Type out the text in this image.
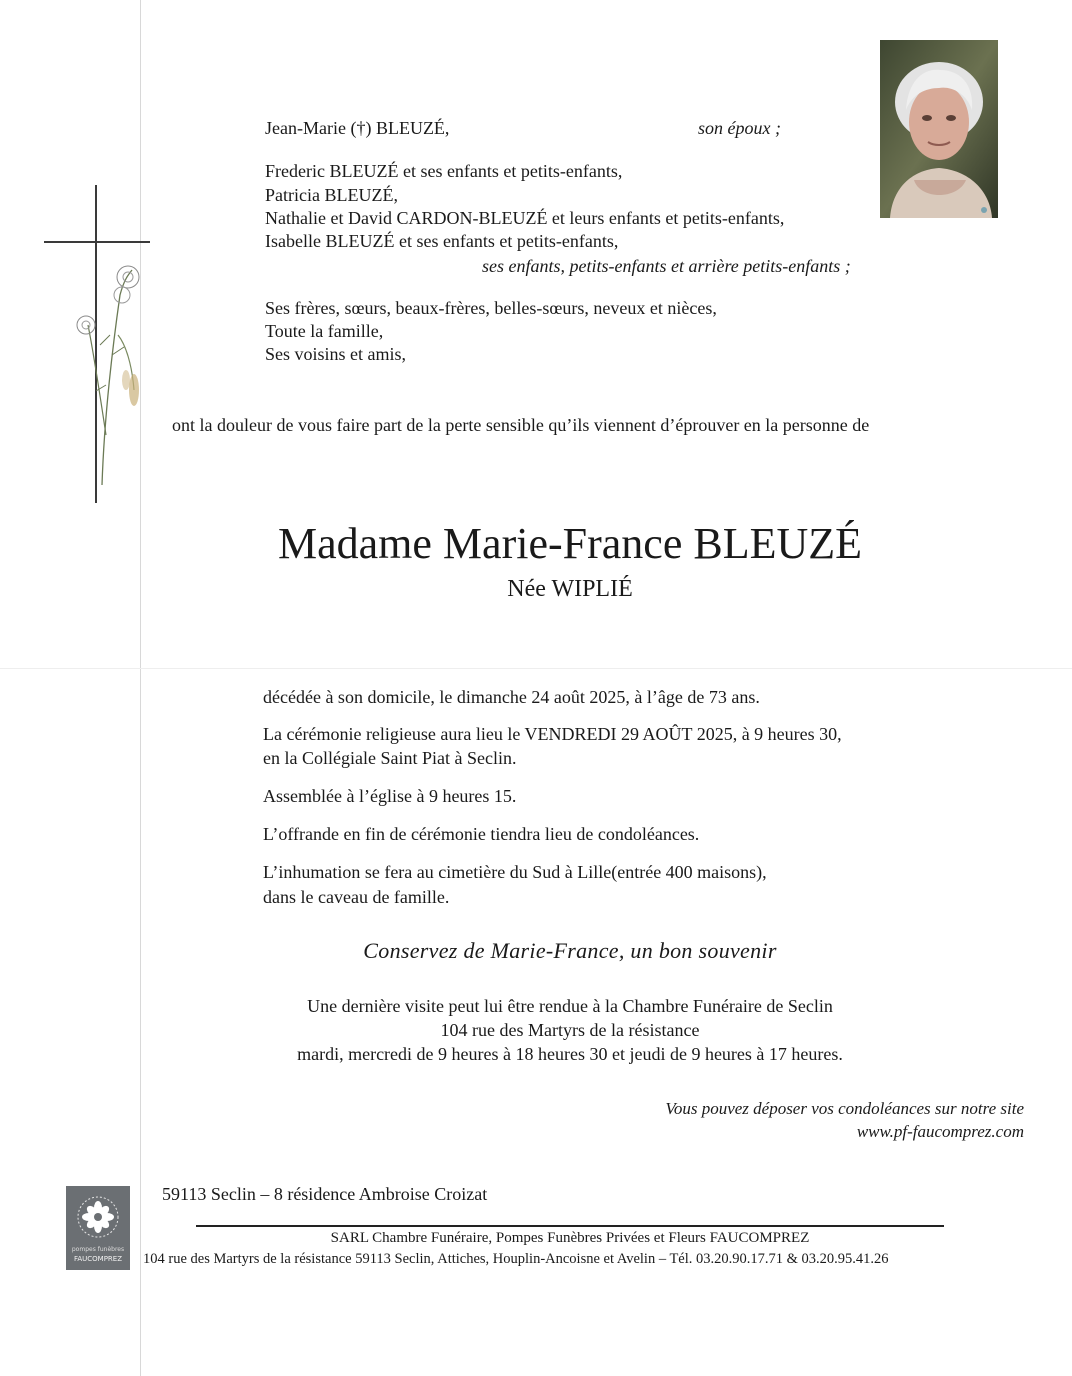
Jean-Marie (†) BLEUZÉ,	son époux ;
Frederic BLEUZÉ et ses enfants et petits-enfants,
Patricia BLEUZÉ,
Nathalie et David CARDON-BLEUZÉ et leurs enfants et petits-enfants,
Isabelle BLEUZÉ et ses enfants et petits-enfants,
ses enfants, petits-enfants et arrière petits-enfants ;
Ses frères, sœurs, beaux-frères, belles-sœurs, neveux et nièces,
Toute la famille,
Ses voisins et amis,
ont la douleur de vous faire part de la perte sensible qu’ils viennent d’éprouver en la personne de
Madame Marie-France BLEUZÉ
Née WIPLIÉ
décédée à son domicile, le dimanche 24 août 2025, à l’âge de 73 ans.
La cérémonie religieuse aura lieu le VENDREDI 29 AOÛT 2025, à 9 heures 30,
en la Collégiale Saint Piat à Seclin.
Assemblée à l’église à 9 heures 15.
L’offrande en fin de cérémonie tiendra lieu de condoléances.
L’inhumation se fera au cimetière du Sud à Lille(entrée 400 maisons),
dans le caveau de famille.
Conservez de Marie-France, un bon souvenir
Une dernière visite peut lui être rendue à la Chambre Funéraire de Seclin
104 rue des Martyrs de la résistance
mardi, mercredi de 9 heures à 18 heures 30 et jeudi de 9 heures à 17 heures.
Vous pouvez déposer vos condoléances sur notre site
www.pf-faucomprez.com
59113 Seclin – 8 résidence Ambroise Croizat
pompes funèbres
FAUCOMPREZ
SARL Chambre Funéraire, Pompes Funèbres Privées et Fleurs FAUCOMPREZ
104 rue des Martyrs de la résistance 59113 Seclin, Attiches, Houplin-Ancoisne et Avelin – Tél. 03.20.90.17.71 & 03.20.95.41.26
